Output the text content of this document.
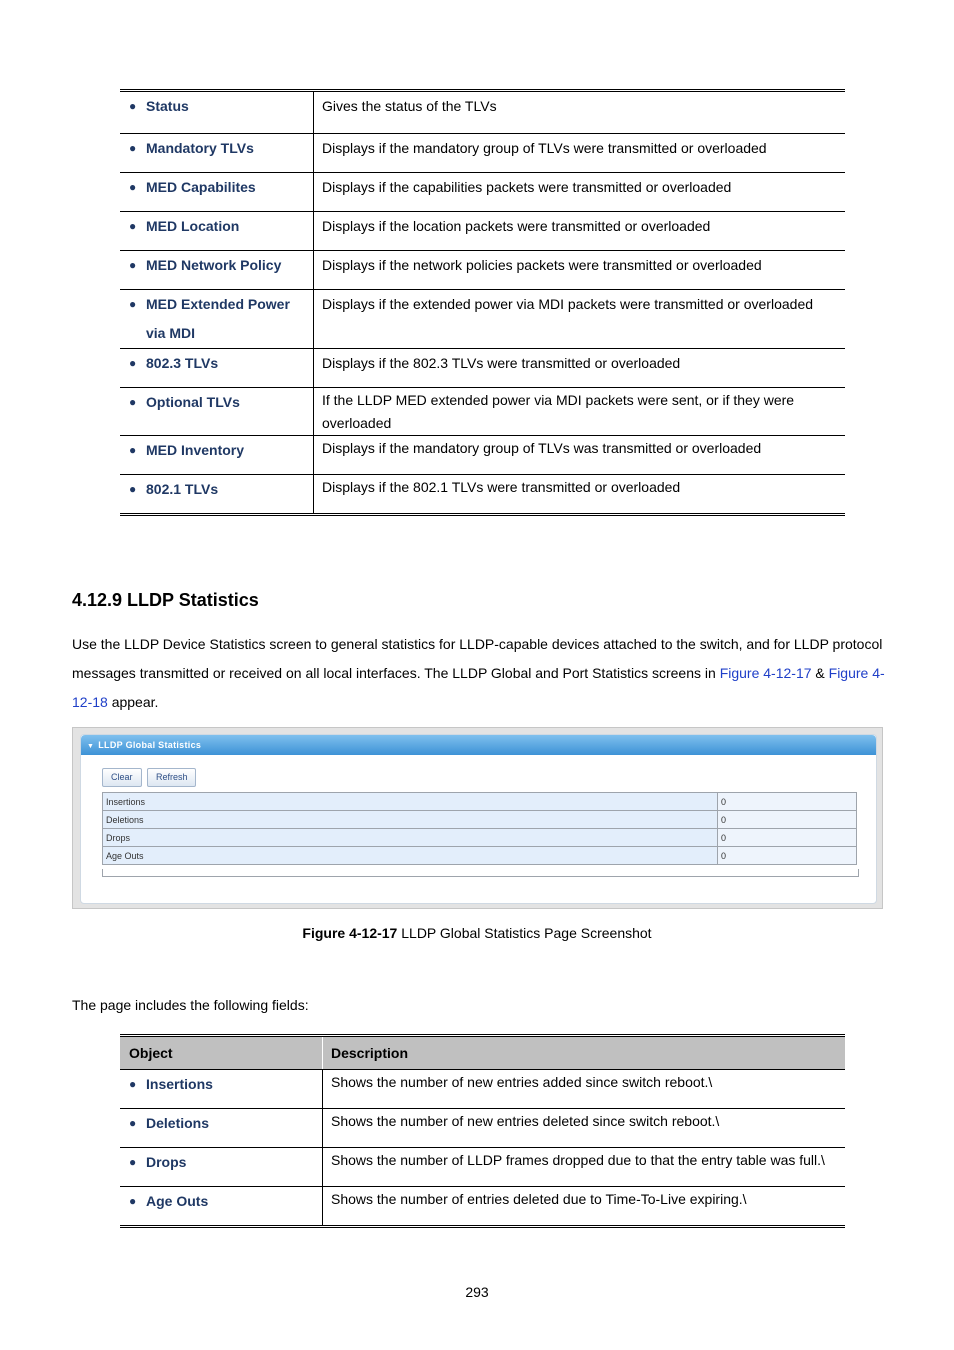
● Status	Gives the status of the TLVs

● Mandatory TLVs	Displays if the mandatory group of TLVs were transmitted or overloaded

● MED Capabilites	Displays if the capabilities packets were transmitted or overloaded

● MED Location	Displays if the location packets were transmitted or overloaded

● MED Network Policy	Displays if the network policies packets were transmitted or overloaded

● MED Extended Power via MDI	Displays if the extended power via MDI packets were transmitted or overloaded

● 802.3 TLVs	Displays if the 802.3 TLVs were transmitted or overloaded

● Optional TLVs	If the LLDP MED extended power via MDI packets were sent, or if they were overloaded

● MED Inventory	Displays if the mandatory group of TLVs was transmitted or overloaded

● 802.1 TLVs	Displays if the 802.1 TLVs were transmitted or overloaded
4.12.9 LLDP Statistics
Use the LLDP Device Statistics screen to general statistics for LLDP-capable devices attached to the switch, and for LLDP protocol messages transmitted or received on all local interfaces. The LLDP Global and Port Statistics screens in Figure 4-12-17 & Figure 4-12-18 appear.
▼ LLDP Global Statistics
Clear	Refresh
Insertions	0
Deletions	0
Drops	0
Age Outs	0
Figure 4-12-17 LLDP Global Statistics Page Screenshot
The page includes the following fields:
Object	Description

● Insertions	Shows the number of new entries added since switch reboot.\

● Deletions	Shows the number of new entries deleted since switch reboot.\

● Drops	Shows the number of LLDP frames dropped due to that the entry table was full.\

● Age Outs	Shows the number of entries deleted due to Time-To-Live expiring.\
293
